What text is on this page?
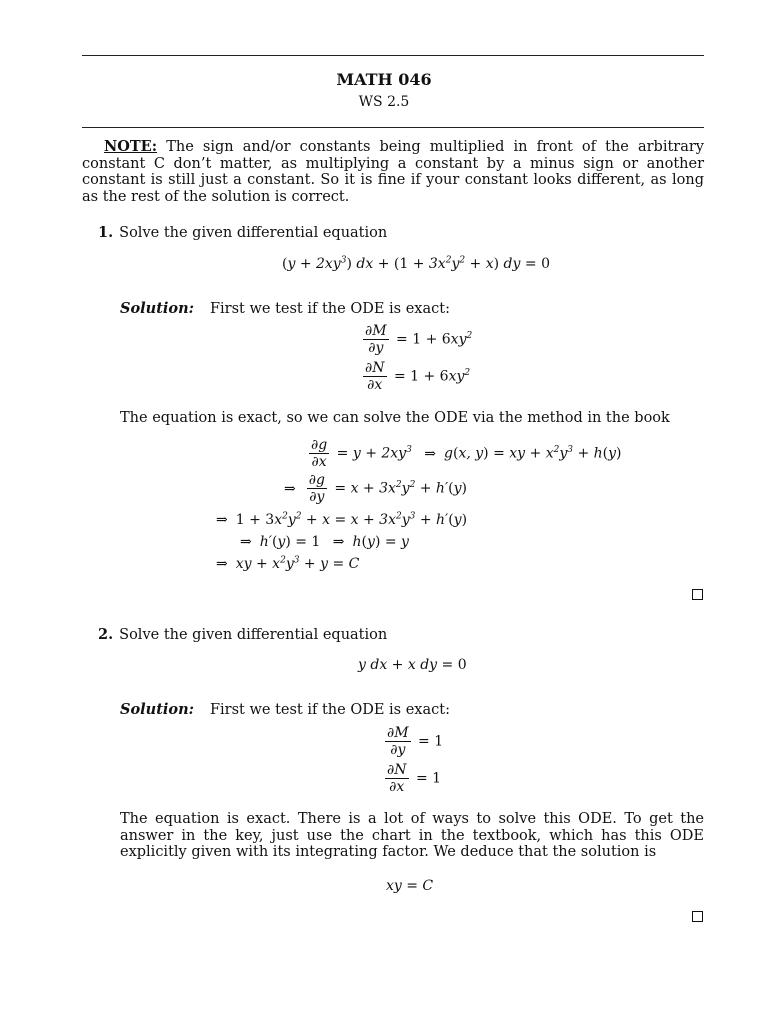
MATH 046
WS 2.5
NOTE: The sign and/or constants being multiplied in front of the arbitrary constant C don’t matter, as multiplying a constant by a minus sign or another constant is still just a constant. So it is fine if your constant looks different, as long as the rest of the solution is correct.
1. Solve the given differential equation
$(y + 2xy^3)$ dx + $(1 + 3x^2y^2 + x)$ dy = 0
Solution: First we test if the ODE is exact:
$\frac{\partial M}{\partial y} = 1 + 6xy^2$
$\frac{\partial N}{\partial x} = 1 + 6xy^2$
The equation is exact, so we can solve the ODE via the method in the book
$\frac{\partial g}{\partial x} = y + 2xy^3$ ⇒ g(x, y) = xy + $x^2y^3 + h(y)$
⇒ $\frac{\partial g}{\partial y} = x + 3x^2y^2 + h'(y)$
⇒ $1 + 3x^2y^2 + x = x + 3x^2y^3 + h'(y)$
⇒ h′(y) = 1 ⇒ h(y) = y
⇒ xy + $x^2y^3 + y = C$
2. Solve the given differential equation
y dx + x dy = 0
Solution: First we test if the ODE is exact:
$\frac{\partial M}{\partial y} = 1$
$\frac{\partial N}{\partial x} = 1$
The equation is exact. There is a lot of ways to solve this ODE. To get the answer in the key, just use the chart in the textbook, which has this ODE explicitly given with its integrating factor. We deduce that the solution is
xy = C
